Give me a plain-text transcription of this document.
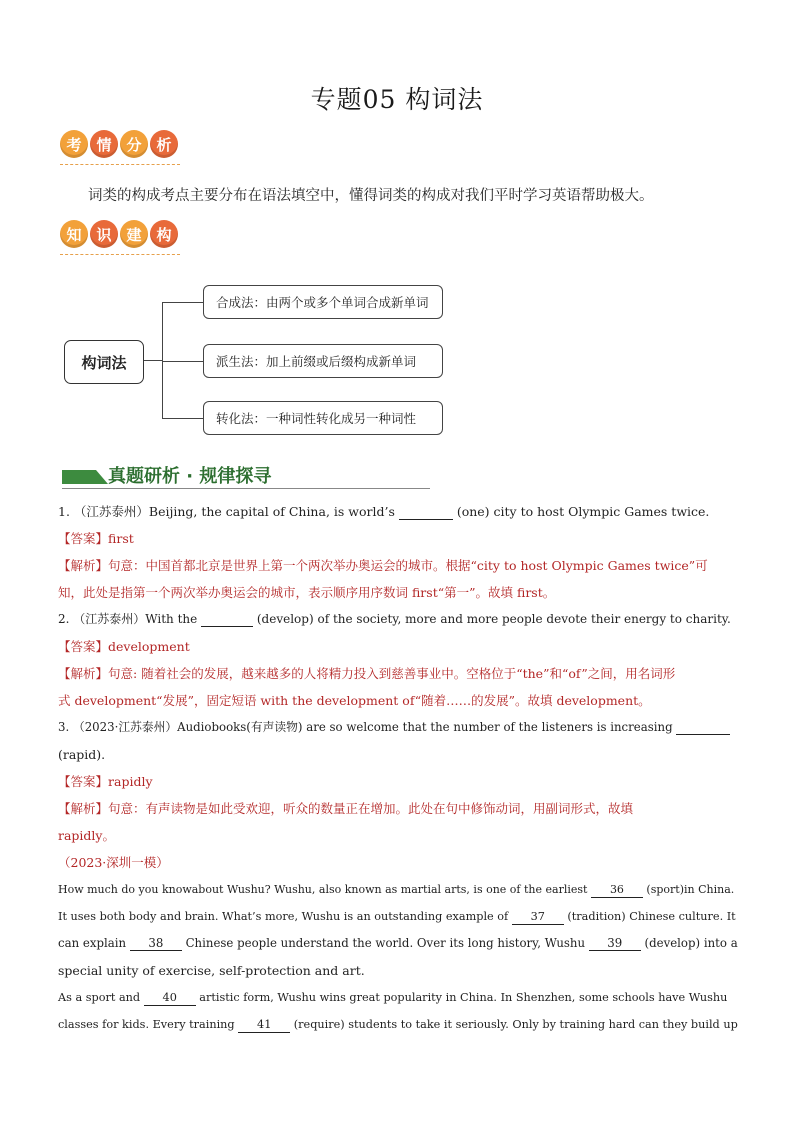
专题05 构词法
考 情 分 析
词类的构成考点主要分布在语法填空中，懂得词类的构成对我们平时学习英语帮助极大。
知 识 建 构
构词法
合成法：由两个或多个单词合成新单词
派生法：加上前缀或后缀构成新单词
转化法：一种词性转化成另一种词性
真题研析 · 规律探寻
1. （江苏泰州）Beijing, the capital of China, is world’s	(one) city to host Olympic Games twice.
【答案】first
【解析】句意：中国首都北京是世界上第一个两次举办奥运会的城市。根据“city to host Olympic Games twice”可
知，此处是指第一个两次举办奥运会的城市，表示顺序用序数词 first“第一”。故填 first。
2. （江苏泰州）With the	(develop) of the society, more and more people devote their energy to charity.
【答案】development
【解析】句意: 随着社会的发展，越来越多的人将精力投入到慈善事业中。空格位于“the”和“of”之间，用名词形
式 development“发展”，固定短语 with the development of“随着……的发展”。故填 development。
3. （2023·江苏泰州）Audiobooks(有声读物) are so welcome that the number of the listeners is increasing
(rapid).
【答案】rapidly
【解析】句意：有声读物是如此受欢迎，听众的数量正在增加。此处在句中修饰动词，用副词形式，故填
rapidly。
（2023·深圳一模）
How much do you knowabout Wushu? Wushu, also known as martial arts, is one of the earliest 36 (sport)in China.
It uses both body and brain. What’s more, Wushu is an outstanding example of 37 (tradition) Chinese culture. It
can explain 38 Chinese people understand the world. Over its long history, Wushu 39 (develop) into a
special unity of exercise, self-protection and art.
As a sport and 40 artistic form, Wushu wins great popularity in China. In Shenzhen, some schools have Wushu
classes for kids. Every training 41 (require) students to take it seriously. Only by training hard can they build up
